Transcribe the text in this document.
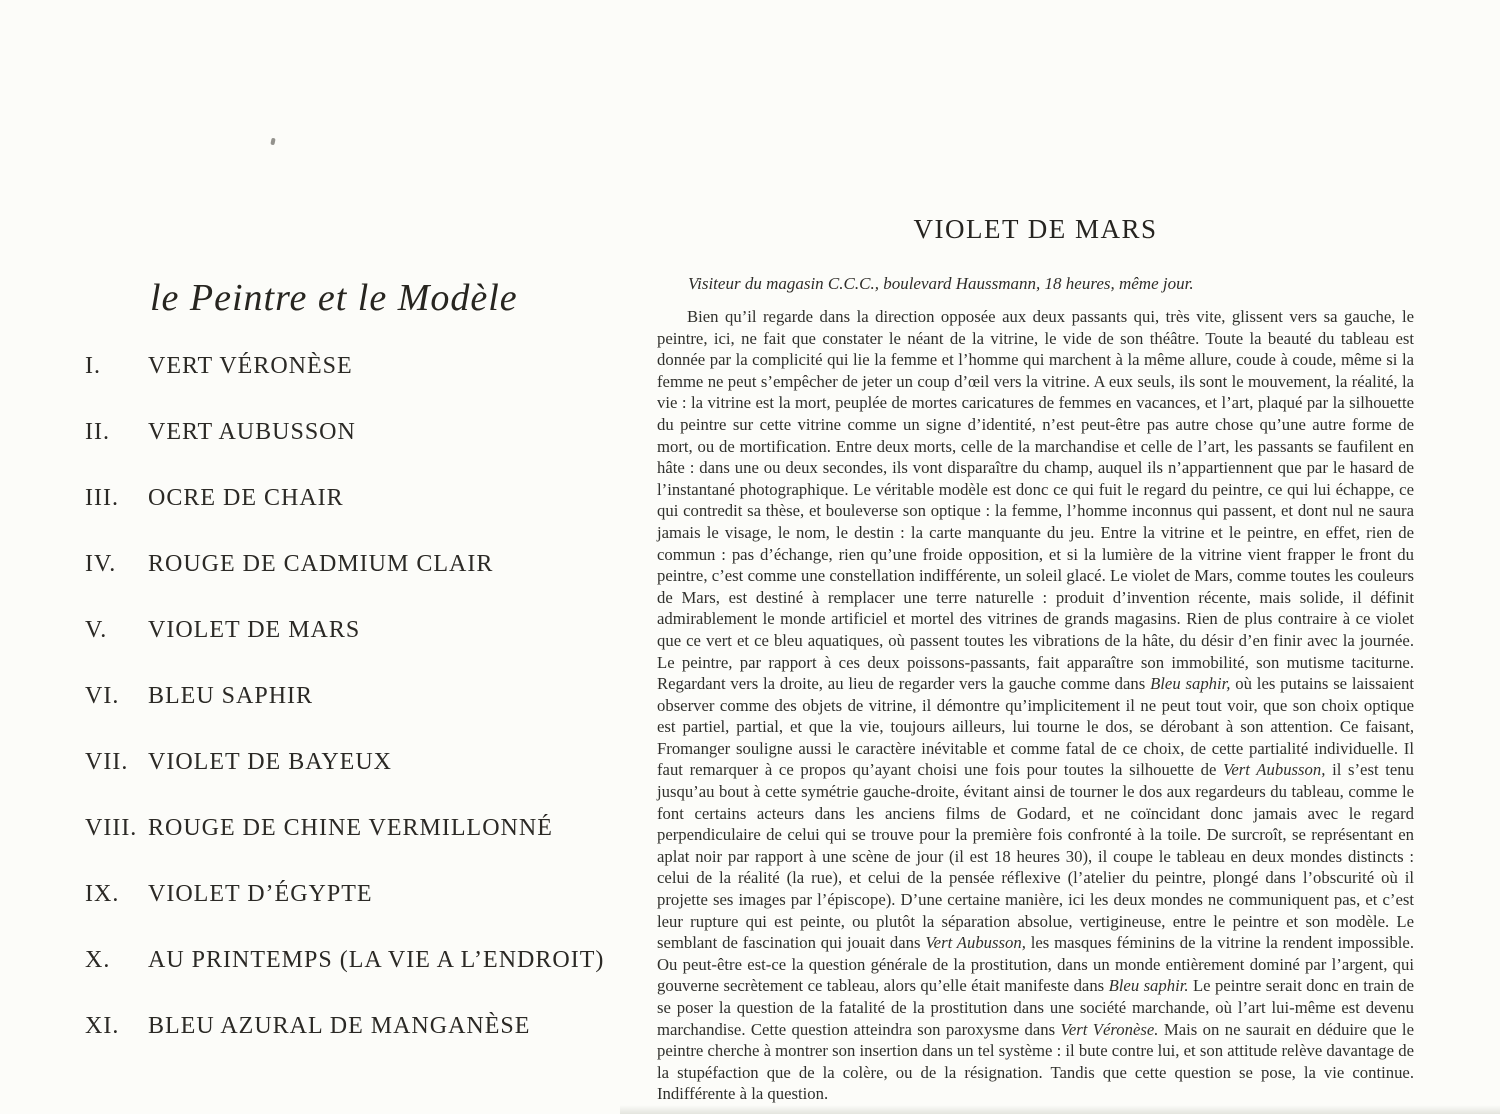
le Peintre et le Modèle
I.	VERT VÉRONÈSE
II.	VERT AUBUSSON
III.	OCRE DE CHAIR
IV.	ROUGE DE CADMIUM CLAIR
V.	VIOLET DE MARS
VI.	BLEU SAPHIR
VII. VIOLET DE BAYEUX
VIII. ROUGE DE CHINE VERMILLONNÉ
IX.	VIOLET D’ÉGYPTE
X.	AU PRINTEMPS (LA VIE A L’ENDROIT)
XI.	BLEU AZURAL DE MANGANÈSE
VIOLET DE MARS

Visiteur du magasin C.C.C., boulevard Haussmann, 18 heures, même jour.

Bien qu’il regarde dans la direction opposée aux deux passants qui, très vite, glissent vers sa gauche, le peintre, ici, ne fait que constater le néant de la vitrine, le vide de son théâtre. Toute la beauté du tableau est donnée par la complicité qui lie la femme et l’homme qui marchent à la même allure, coude à coude, même si la femme ne peut s’empêcher de jeter un coup d’œil vers la vitrine. A eux seuls, ils sont le mouvement, la réalité, la vie : la vitrine est la mort, peuplée de mortes caricatures de femmes en vacances, et l’art, plaqué par la silhouette du peintre sur cette vitrine comme un signe d’identité, n’est peut-être pas autre chose qu’une autre forme de mort, ou de mortification. Entre deux morts, celle de la marchandise et celle de l’art, les passants se faufilent en hâte : dans une ou deux secondes, ils vont disparaître du champ, auquel ils n’appartiennent que par le hasard de l’instantané photographique. Le véritable modèle est donc ce qui fuit le regard du peintre, ce qui lui échappe, ce qui contredit sa thèse, et bouleverse son optique : la femme, l’homme inconnus qui passent, et dont nul ne saura jamais le visage, le nom, le destin : la carte manquante du jeu. Entre la vitrine et le peintre, en effet, rien de commun : pas d’échange, rien qu’une froide opposition, et si la lumière de la vitrine vient frapper le front du peintre, c’est comme une constellation indifférente, un soleil glacé. Le violet de Mars, comme toutes les couleurs de Mars, est destiné à remplacer une terre naturelle : produit d’invention récente, mais solide, il définit admirablement le monde artificiel et mortel des vitrines de grands magasins. Rien de plus contraire à ce violet que ce vert et ce bleu aquatiques, où passent toutes les vibrations de la hâte, du désir d’en finir avec la journée. Le peintre, par rapport à ces deux poissons-passants, fait apparaître son immobilité, son mutisme taciturne. Regardant vers la droite, au lieu de regarder vers la gauche comme dans Bleu saphir, où les putains se laissaient observer comme des objets de vitrine, il démontre qu’implicitement il ne peut tout voir, que son choix optique est partiel, partial, et que la vie, toujours ailleurs, lui tourne le dos, se dérobant à son attention. Ce faisant, Fromanger souligne aussi le caractère inévitable et comme fatal de ce choix, de cette partialité individuelle. Il faut remarquer à ce propos qu’ayant choisi une fois pour toutes la silhouette de Vert Aubusson, il s’est tenu jusqu’au bout à cette symétrie gauche-droite, évitant ainsi de tourner le dos aux regardeurs du tableau, comme le font certains acteurs dans les anciens films de Godard, et ne coïncidant donc jamais avec le regard perpendiculaire de celui qui se trouve pour la première fois confronté à la toile. De surcroît, se représentant en aplat noir par rapport à une scène de jour (il est 18 heures 30), il coupe le tableau en deux mondes distincts : celui de la réalité (la rue), et celui de la pensée réflexive (l’atelier du peintre, plongé dans l’obscurité où il projette ses images par l’épiscope). D’une certaine manière, ici les deux mondes ne communiquent pas, et c’est leur rupture qui est peinte, ou plutôt la séparation absolue, vertigineuse, entre le peintre et son modèle. Le semblant de fascination qui jouait dans Vert Aubusson, les masques féminins de la vitrine la rendent impossible. Ou peut-être est-ce la question générale de la prostitution, dans un monde entièrement dominé par l’argent, qui gouverne secrètement ce tableau, alors qu’elle était manifeste dans Bleu saphir. Le peintre serait donc en train de se poser la question de la fatalité de la prostitution dans une société marchande, où l’art lui-même est devenu marchandise. Cette question atteindra son paroxysme dans Vert Véronèse. Mais on ne saurait en déduire que le peintre cherche à montrer son insertion dans un tel système : il bute contre lui, et son attitude relève davantage de la stupéfaction que de la colère, ou de la résignation. Tandis que cette question se pose, la vie continue. Indifférente à la question.
